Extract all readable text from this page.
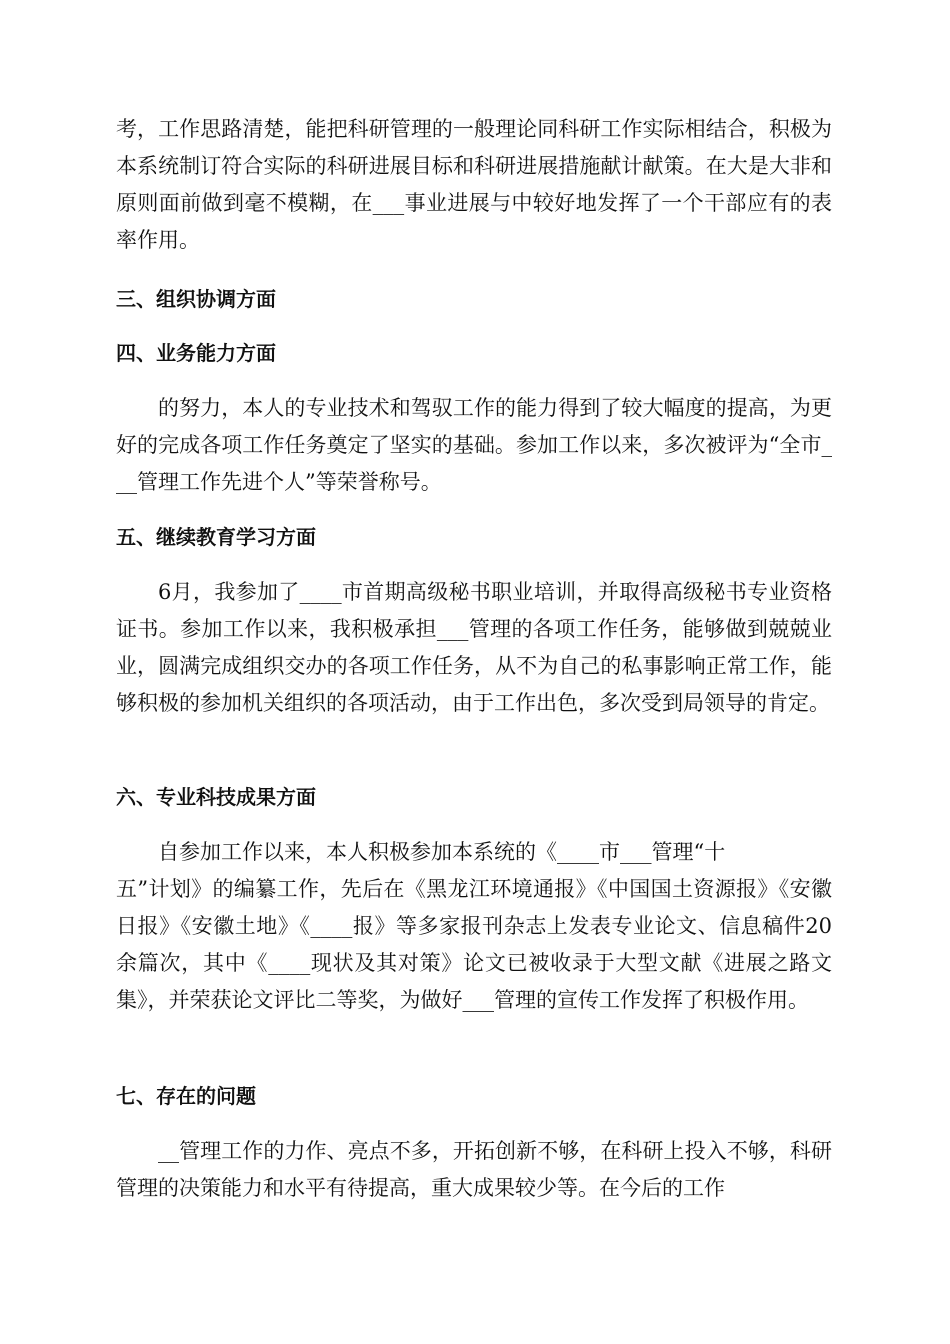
考，工作思路清楚，能把科研管理的一般理论同科研工作实际相结合，积极为本系统制订符合实际的科研进展目标和科研进展措施献计献策。在大是大非和原则面前做到毫不模糊，在___事业进展与中较好地发挥了一个干部应有的表率作用。
三、组织协调方面
四、业务能力方面
的努力，本人的专业技术和驾驭工作的能力得到了较大幅度的提高，为更好的完成各项工作任务奠定了坚实的基础。参加工作以来，多次被评为“全市___管理工作先进个人”等荣誉称号。
五、继续教育学习方面
6月，我参加了____市首期高级秘书职业培训，并取得高级秘书专业资格证书。参加工作以来，我积极承担___管理的各项工作任务，能够做到兢兢业业，圆满完成组织交办的各项工作任务，从不为自己的私事影响正常工作，能够积极的参加机关组织的各项活动，由于工作出色，多次受到局领导的肯定。
六、专业科技成果方面
自参加工作以来，本人积极参加本系统的《____市___管理“十
五”计划》的编纂工作，先后在《黑龙江环境通报》《中国国土资源报》《安徽日报》《安徽土地》《____报》等多家报刊杂志上发表专业论文、信息稿件20余篇次，其中《____现状及其对策》论文已被收录于大型文献《进展之路文集》，并荣获论文评比二等奖，为做好___管理的宣传工作发挥了积极作用。
七、存在的问题
__管理工作的力作、亮点不多，开拓创新不够，在科研上投入不够，科研管理的决策能力和水平有待提高，重大成果较少等。在今后的工作
